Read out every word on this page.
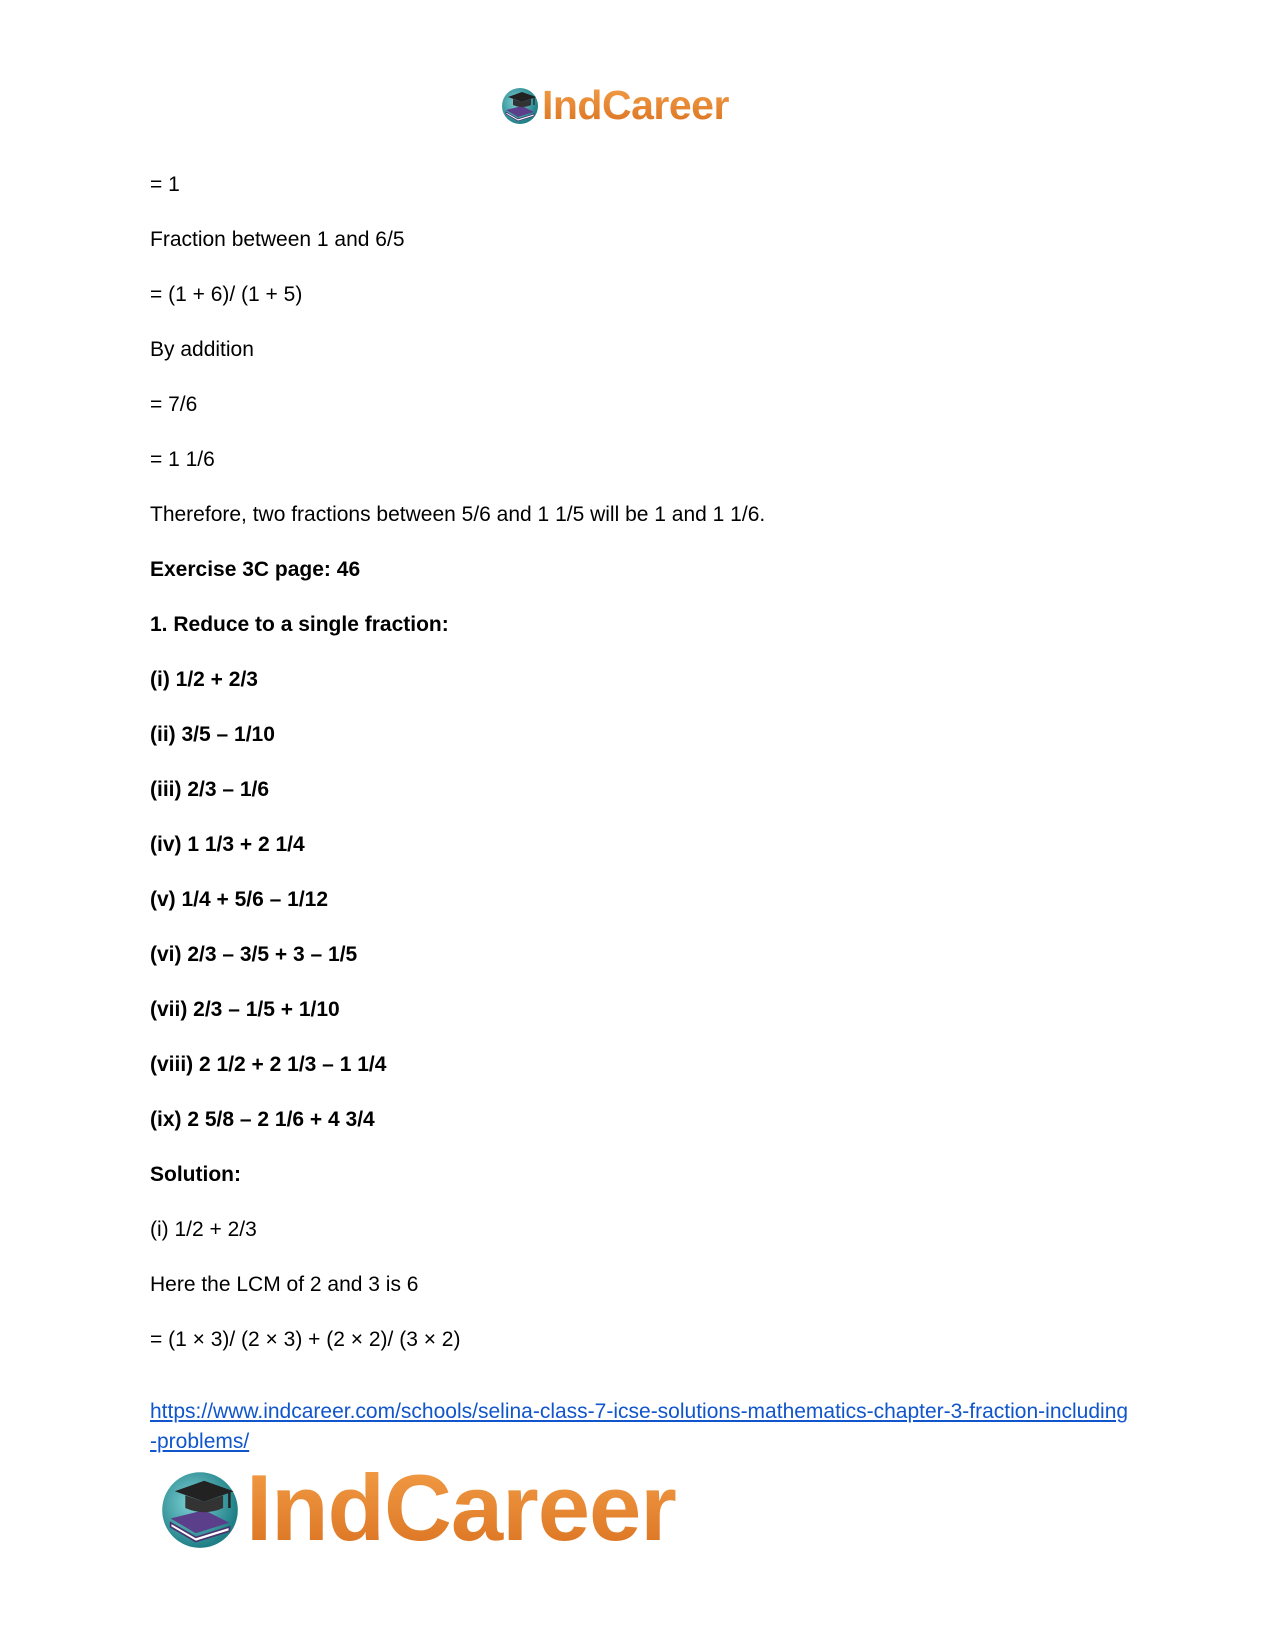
IndCareer
= 1
Fraction between 1 and 6/5
= (1 + 6)/ (1 + 5)
By addition
= 7/6
= 1 1/6
Therefore, two fractions between 5/6 and 1 1/5 will be 1 and 1 1/6.
Exercise 3C page: 46
1. Reduce to a single fraction:
(i) 1/2 + 2/3
(ii) 3/5 – 1/10
(iii) 2/3 – 1/6
(iv) 1 1/3 + 2 1/4
(v) 1/4 + 5/6 – 1/12
(vi) 2/3 – 3/5 + 3 – 1/5
(vii) 2/3 – 1/5 + 1/10
(viii) 2 1/2 + 2 1/3 – 1 1/4
(ix) 2 5/8 – 2 1/6 + 4 3/4
Solution:
(i) 1/2 + 2/3
Here the LCM of 2 and 3 is 6
= (1 × 3)/ (2 × 3) + (2 × 2)/ (3 × 2)
https://www.indcareer.com/schools/selina-class-7-icse-solutions-mathematics-chapter-3-fraction-including-problems/
IndCareer
